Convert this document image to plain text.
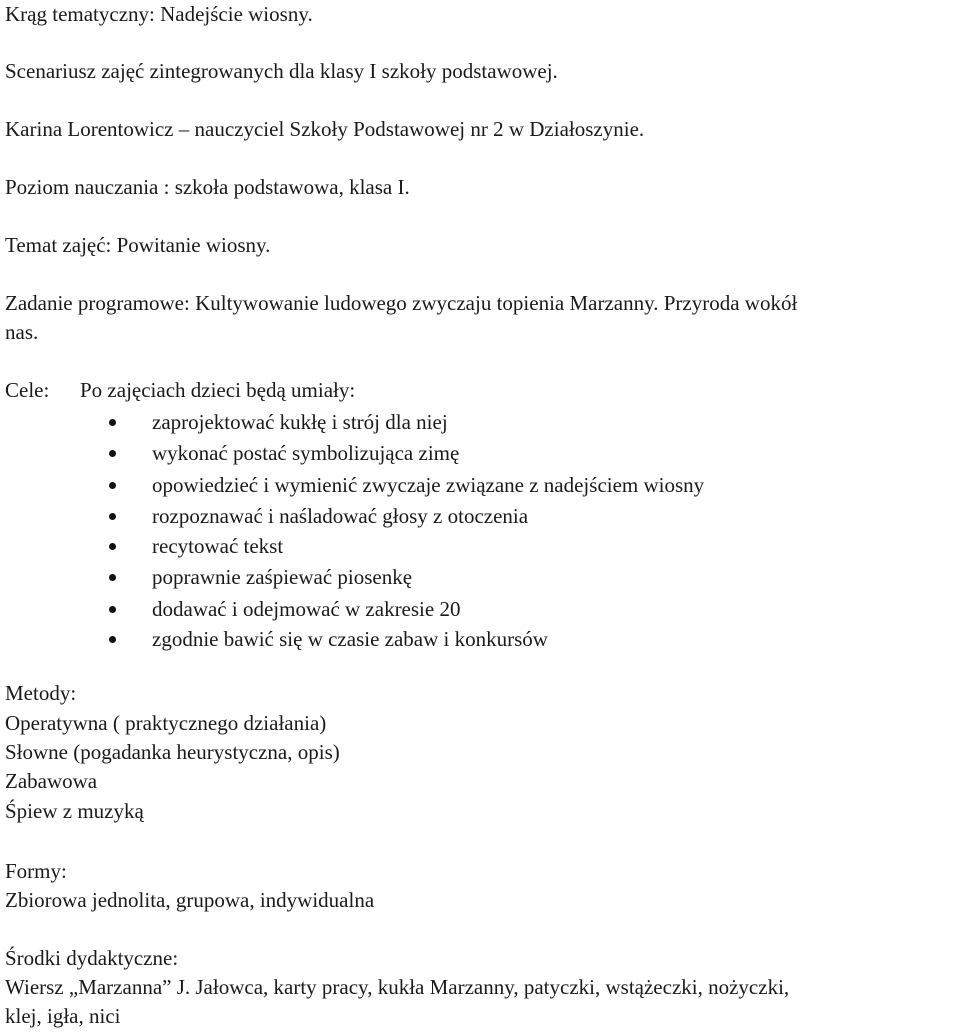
Krąg tematyczny: Nadejście wiosny.
Scenariusz zajęć zintegrowanych dla klasy I szkoły podstawowej.
Karina Lorentowicz – nauczyciel Szkoły Podstawowej nr 2 w Działoszynie.
Poziom nauczania : szkoła podstawowa, klasa I.
Temat zajęć: Powitanie wiosny.
Zadanie programowe: Kultywowanie ludowego zwyczaju topienia Marzanny. Przyroda wokół
nas.
Cele: Po zajęciach dzieci będą umiały:
zaprojektować kukłę i strój dla niej
wykonać postać symbolizująca zimę
opowiedzieć i wymienić zwyczaje związane z nadejściem wiosny
rozpoznawać i naśladować głosy z otoczenia
recytować tekst
poprawnie zaśpiewać piosenkę
dodawać i odejmować w zakresie 20
zgodnie bawić się w czasie zabaw i konkursów
Metody:
Operatywna ( praktycznego działania)
Słowne (pogadanka heurystyczna, opis)
Zabawowa
Śpiew z muzyką
Formy:
Zbiorowa jednolita, grupowa, indywidualna
Środki dydaktyczne:
Wiersz „Marzanna” J. Jałowca, karty pracy, kukła Marzanny, patyczki, wstążeczki, nożyczki,
klej, igła, nici
